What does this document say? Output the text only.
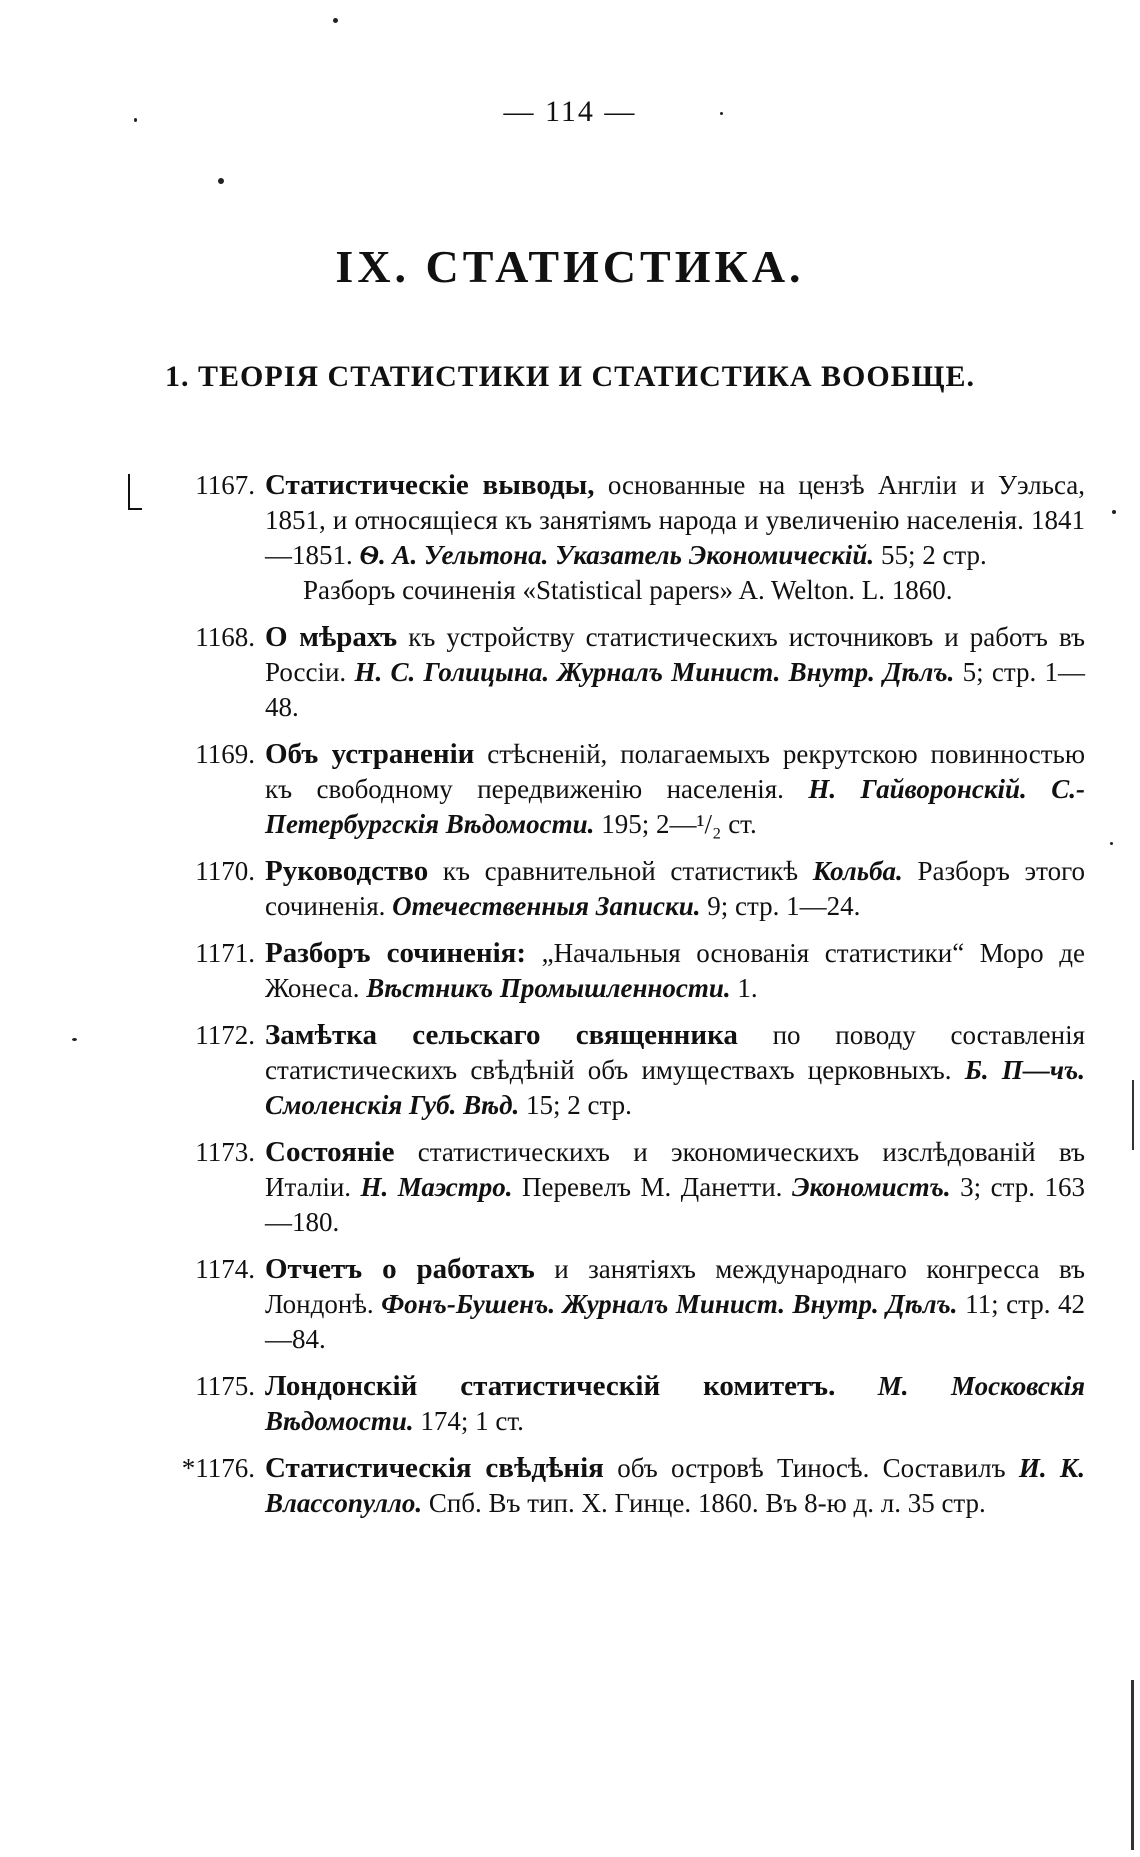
— 114 —
IX. СТАТИСТИКА.
1. ТЕОРІЯ СТАТИСТИКИ И СТАТИСТИКА ВООБЩЕ.
1167. Статистическіе выводы, основанные на цензѣ Англіи и Уэльса, 1851, и относящіеся къ занятіямъ народа и увеличенію населенія. 1841—1851. Ѳ. А. Уельтона. Указатель Экономическій. 55; 2 стр.
Разборъ сочиненія «Statistical papers» A. Welton. L. 1860.
1168. О мѣрахъ къ устройству статистическихъ источниковъ и работъ въ Россіи. Н. С. Голицына. Журналъ Минист. Внутр. Дѣлъ. 5; стр. 1—48.
1169. Объ устраненіи стѣсненій, полагаемыхъ рекрутскою повинностью къ свободному передвиженію населенія. Н. Гайворонскій. С.-Петербургскія Вѣдомости. 195; 2—¹/₂ ст.
1170. Руководство къ сравнительной статистикѣ Кольба. Разборъ этого сочиненія. Отечественныя Записки. 9; стр. 1—24.
1171. Разборъ сочиненія: „Начальныя основанія статистики“ Моро де Жонеса. Вѣстникъ Промышленности. 1.
1172. Замѣтка сельскаго священника по поводу составленія статистическихъ свѣдѣній объ имуществахъ церковныхъ. Б. П—чъ. Смоленскія Губ. Вѣд. 15; 2 стр.
1173. Состояніе статистическихъ и экономическихъ изслѣдованій въ Италіи. Н. Маэстро. Перевелъ М. Данетти. Экономистъ. 3; стр. 163—180.
1174. Отчетъ о работахъ и занятіяхъ международнаго конгресса въ Лондонѣ. Фонъ-Бушенъ. Журналъ Минист. Внутр. Дѣлъ. 11; стр. 42—84.
1175. Лондонскій статистическій комитетъ. М. Московскія Вѣдомости. 174; 1 ст.
*1176. Статистическія свѣдѣнія объ островѣ Тиносѣ. Составилъ И. К. Власcопулло. Спб. Въ тип. Х. Гинце. 1860. Въ 8-ю д. л. 35 стр.
